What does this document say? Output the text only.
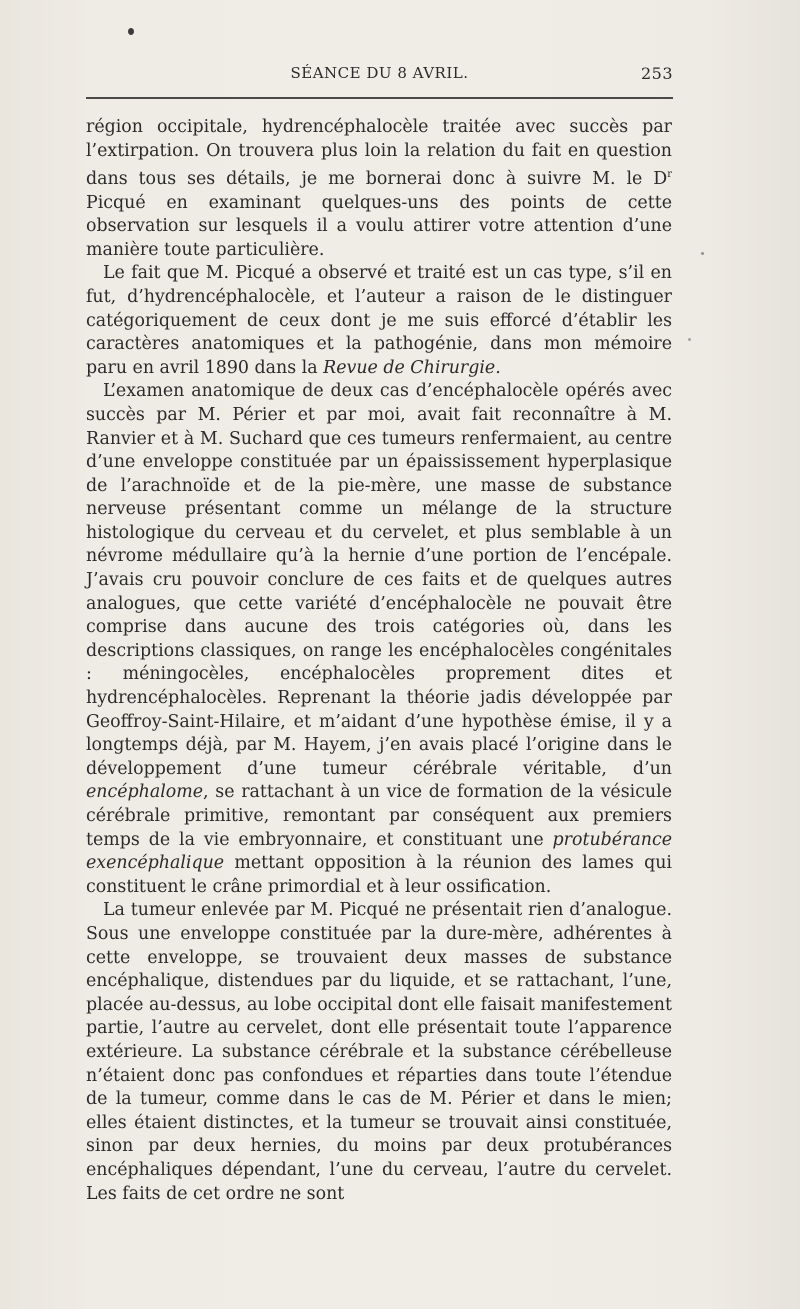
SÉANCE DU 8 AVRIL.	253

région occipitale, hydrencéphalocèle traitée avec succès par l’extirpation. On trouvera plus loin la relation du fait en question dans tous ses détails, je me bornerai donc à suivre M. le $D^r$ Picqué en examinant quelques-uns des points de cette observation sur lesquels il a voulu attirer votre attention d’une manière toute particulière.

Le fait que M. Picqué a observé et traité est un cas type, s’il en fut, d’hydrencéphalocèle, et l’auteur a raison de le distinguer catégoriquement de ceux dont je me suis efforcé d’établir les caractères anatomiques et la pathogénie, dans mon mémoire paru en avril 1890 dans la Revue de Chirurgie.

L’examen anatomique de deux cas d’encéphalocèle opérés avec succès par M. Périer et par moi, avait fait reconnaître à M. Ranvier et à M. Suchard que ces tumeurs renfermaient, au centre d’une enveloppe constituée par un épaississement hyperplasique de l’arachnoïde et de la pie-mère, une masse de substance nerveuse présentant comme un mélange de la structure histologique du cerveau et du cervelet, et plus semblable à un névrome médullaire qu’à la hernie d’une portion de l’encépale. J’avais cru pouvoir conclure de ces faits et de quelques autres analogues, que cette variété d’encéphalocèle ne pouvait être comprise dans aucune des trois catégories où, dans les descriptions classiques, on range les encéphalocèles congénitales : méningocèles, encéphalocèles proprement dites et hydrencéphalocèles. Reprenant la théorie jadis développée par Geoffroy-Saint-Hilaire, et m’aidant d’une hypothèse émise, il y a longtemps déjà, par M. Hayem, j’en avais placé l’origine dans le développement d’une tumeur cérébrale véritable, d’un encéphalome, se rattachant à un vice de formation de la vésicule cérébrale primitive, remontant par conséquent aux premiers temps de la vie embryonnaire, et constituant une protubérance exencéphalique mettant opposition à la réunion des lames qui constituent le crâne primordial et à leur ossification.

La tumeur enlevée par M. Picqué ne présentait rien d’analogue. Sous une enveloppe constituée par la dure-mère, adhérentes à cette enveloppe, se trouvaient deux masses de substance encéphalique, distendues par du liquide, et se rattachant, l’une, placée au-dessus, au lobe occipital dont elle faisait manifestement partie, l’autre au cervelet, dont elle présentait toute l’apparence extérieure. La substance cérébrale et la substance cérébelleuse n’étaient donc pas confondues et réparties dans toute l’étendue de la tumeur, comme dans le cas de M. Périer et dans le mien; elles étaient distinctes, et la tumeur se trouvait ainsi constituée, sinon par deux hernies, du moins par deux protubérances encéphaliques dépendant, l’une du cerveau, l’autre du cervelet. Les faits de cet ordre ne sont
